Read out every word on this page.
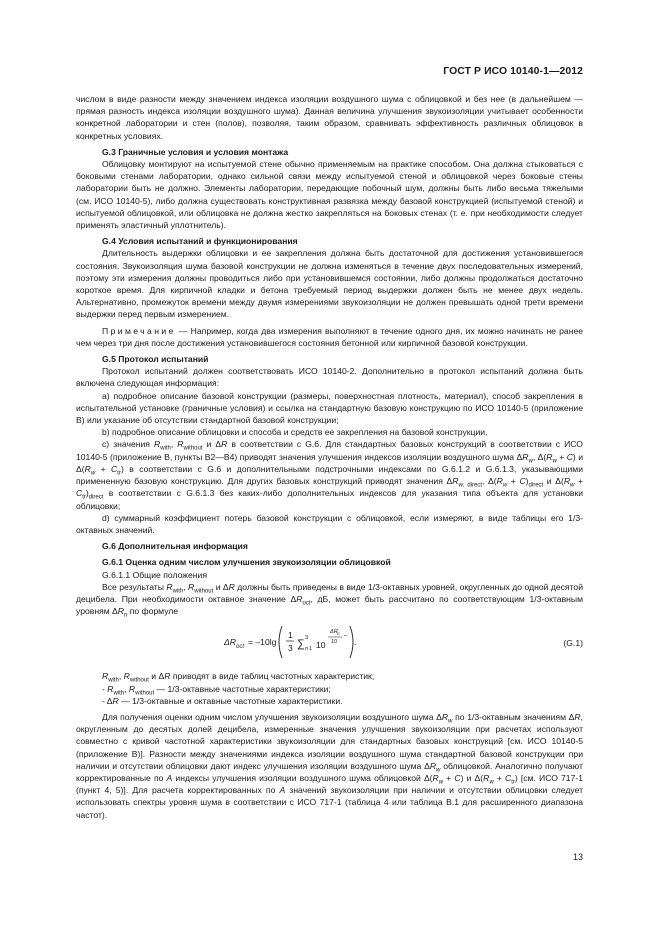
ГОСТ Р ИСО 10140-1—2012

числом в виде разности между значением индекса изоляции воздушного шума с облицовкой и без нее (в дальнейшем — прямая разность индекса изоляции воздушного шума). Данная величина улучшения звукоизоляции учитывает особенности конкретной лаборатории и стен (полов), позволяя, таким образом, сравнивать эффективность различных облицовок в конкретных условиях.

G.3 Граничные условия и условия монтажа

Облицовку монтируют на испытуемой стене обычно применяемым на практике способом. Она должна стыковаться с боковыми стенами лаборатории, однако сильной связи между испытуемой стеной и облицовкой через боковые стены лаборатории быть не должно. Элементы лаборатории, передающие побочный шум, должны быть либо весьма тяжелыми (см. ИСО 10140-5), либо должна существовать конструктивная развязка между базовой конструкцией (испытуемой стеной) и испытуемой облицовкой, или облицовка не должна жестко закрепляться на боковых стенах (т. е. при необходимости следует применять эластичный уплотнитель).

G.4 Условия испытаний и функционирования

Длительность выдержки облицовки и ее закрепления должна быть достаточной для достижения установившегося состояния. Звукоизоляция шума базовой конструкции не должна изменяться в течение двух последовательных измерений, поэтому эти измерения должны проводиться либо при установившемся состоянии, либо должны продолжаться достаточно короткое время. Для кирпичной кладки и бетона требуемый период выдержки должен быть не менее двух недель. Альтернативно, промежуток времени между двумя измерениями звукоизоляции не должен превышать одной трети времени выдержки перед первым измерением.

Примечание — Например, когда два измерения выполняют в течение одного дня, их можно начинать не ранее чем через три дня после достижения установившегося состояния бетонной или кирпичной базовой конструкции.

G.5 Протокол испытаний

Протокол испытаний должен соответствовать ИСО 10140-2. Дополнительно в протокол испытаний должна быть включена следующая информация:

a) подробное описание базовой конструкции (размеры, поверхностная плотность, материал), способ закрепления в испытательной установке (граничные условия) и ссылка на стандартную базовую конструкцию по ИСО 10140-5 (приложение В) или указание об отсутствии стандартной базовой конструкции;

b) подробное описание облицовки и способа и средств ее закрепления на базовой конструкции,

c) значения $R_{with}$, $R_{without}$ и ΔR в соответствии с G.6. Для стандартных базовых конструкций в соответствии с ИСО 10140-5 (приложение В, пункты В2—В4) приводят значения улучшения индексов изоляции воздушного шума $\Delta R_w$, $\Delta(R_w + C)$ и $\Delta(R_w + C_{tr})$ в соответствии с G.6 и дополнительными подстрочными индексами по G.6.1.2 и G.6.1.3, указывающими примененную базовую конструкцию. Для других базовых конструкций приводят значения $\Delta R_{w, direct}$, $\Delta(R_w + C)_{direct}$ и $\Delta(R_w + C_{tr})_{direct}$ в соответствии с G.6.1.3 без каких-либо дополнительных индексов для указания типа объекта для установки облицовки;

d) суммарный коэффициент потерь базовой конструкции с облицовкой, если измеряют, в виде таблицы его 1/3-октавных значений.

G.6 Дополнительная информация

G.6.1 Оценка одним числом улучшения звукоизоляции облицовкой

G.6.1.1 Общие положения

Все результаты $R_{with}$, $R_{without}$ и ΔR должны быть приведены в виде 1/3-октавных уровней, округленных до одной десятой децибела. При необходимости октавное значение $\Delta R_{oct}$, дБ, может быть рассчитано по соответствующим 1/3-октавным уровням $\Delta R_n$ по формуле

ΔR oct = –10lg
1
3 ∑ 3
n 1 10
ΔR n
10
–
.	(G.1)

$R_{with}$, $R_{without}$ и ΔR приводят в виде таблиц частотных характеристик;

- $R_{with}$, $R_{without}$ — 1/3-октавные частотные характеристики;

- ΔR — 1/3-октавные и октавные частотные характеристики.

Для получения оценки одним числом улучшения звукоизоляции воздушного шума $\Delta R_w$ по 1/3-октавным значениям ΔR, округленным до десятых долей децибела, измеренные значения улучшения звукоизоляции при расчетах используют совместно с кривой частотной характеристики звукоизоляции для стандартных базовых конструкций [см. ИСО 10140-5 (приложение В)]. Разности между значениями индекса изоляции воздушного шума стандартной базовой конструкции при наличии и отсутствии облицовки дают индекс улучшения изоляции воздушного шума $\Delta R_w$ облицовкой. Аналогично получают корректированные по A индексы улучшения изоляции воздушного шума облицовкой $\Delta(R_w + C)$ и $\Delta(R_w + C_{tr})$ [см. ИСО 717-1 (пункт 4, 5)]. Для расчета корректированных по A значений звукоизоляции при наличии и отсутствии облицовки следует использовать спектры уровня шума в соответствии с ИСО 717-1 (таблица 4 или таблица В.1 для расширенного диапазона частот).

13
